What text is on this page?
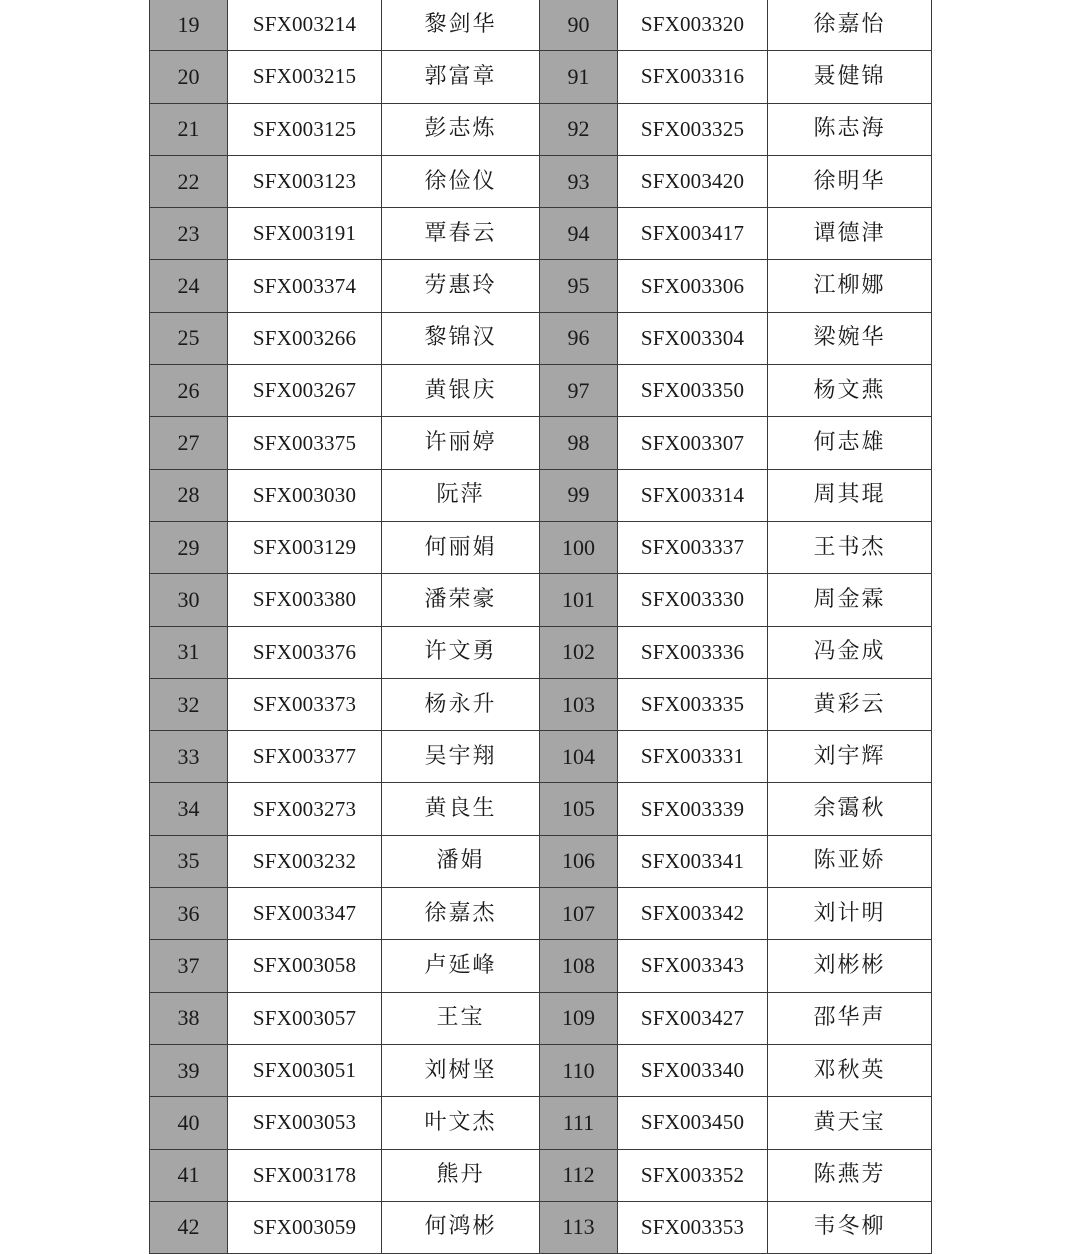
19	SFX003214	黎剑华	90	SFX003320	徐嘉怡
20	SFX003215	郭富章	91	SFX003316	聂健锦
21	SFX003125	彭志炼	92	SFX003325	陈志海
22	SFX003123	徐俭仪	93	SFX003420	徐明华
23	SFX003191	覃春云	94	SFX003417	谭德津
24	SFX003374	劳惠玲	95	SFX003306	江柳娜
25	SFX003266	黎锦汉	96	SFX003304	梁婉华
26	SFX003267	黄银庆	97	SFX003350	杨文燕
27	SFX003375	许丽婷	98	SFX003307	何志雄
28	SFX003030	阮萍	99	SFX003314	周其琨
29	SFX003129	何丽娟	100	SFX003337	王书杰
30	SFX003380	潘荣豪	101	SFX003330	周金霖
31	SFX003376	许文勇	102	SFX003336	冯金成
32	SFX003373	杨永升	103	SFX003335	黄彩云
33	SFX003377	吴宇翔	104	SFX003331	刘宇辉
34	SFX003273	黄良生	105	SFX003339	余霭秋
35	SFX003232	潘娟	106	SFX003341	陈亚娇
36	SFX003347	徐嘉杰	107	SFX003342	刘计明
37	SFX003058	卢延峰	108	SFX003343	刘彬彬
38	SFX003057	王宝	109	SFX003427	邵华声
39	SFX003051	刘树坚	110	SFX003340	邓秋英
40	SFX003053	叶文杰	111	SFX003450	黄天宝
41	SFX003178	熊丹	112	SFX003352	陈燕芳
42	SFX003059	何鸿彬	113	SFX003353	韦冬柳
